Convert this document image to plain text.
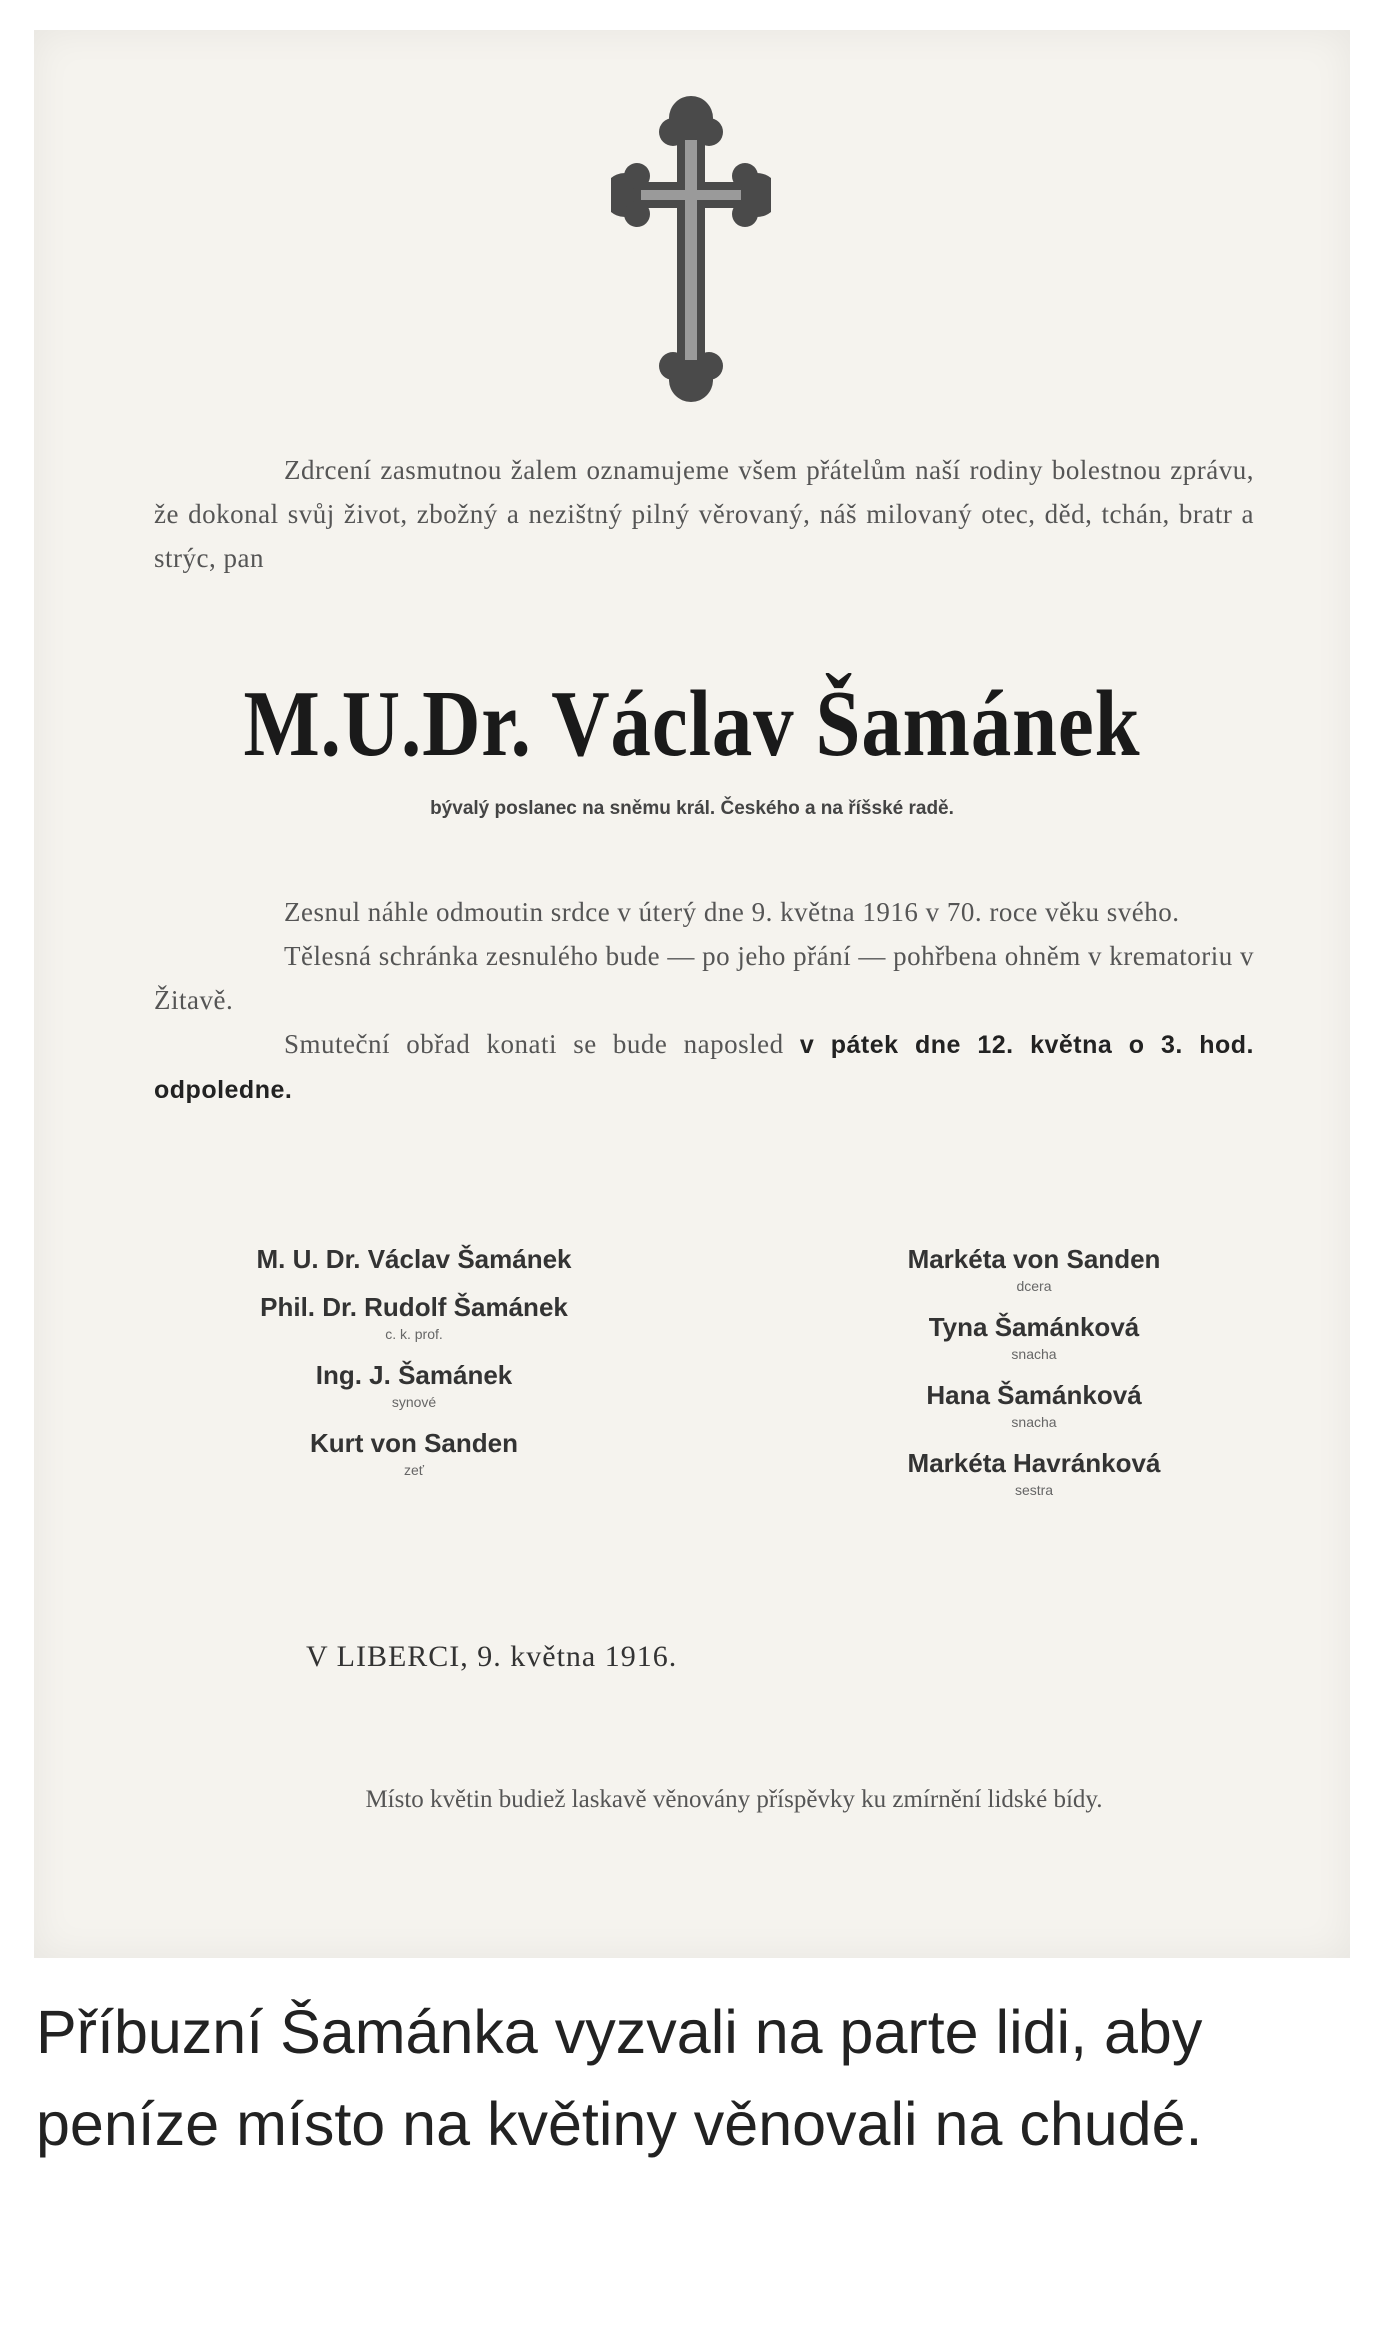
Zdrcení zasmutnou žalem oznamujeme všem přátelům naší rodiny bolestnou zprávu, že dokonal svůj život, zbožný a nezištný pilný věrovaný, náš milovaný otec, děd, tchán, bratr a strýc, pan
M.U.Dr. Václav Šamánek
bývalý poslanec na sněmu král. Českého a na říšské radě.

Zesnul náhle odmoutin srdce v úterý dne 9. května 1916 v 70. roce věku svého.

Tělesná schránka zesnulého bude — po jeho přání — pohřbena ohněm v krematoriu v Žitavě.

Smuteční obřad konati se bude naposled v pátek dne 12. května o 3. hod. odpoledne.

M. U. Dr. Václav Šamánek
Phil. Dr. Rudolf Šamánek
c. k. prof.
Ing. J. Šamánek
synové
Kurt von Sanden
zeť
Markéta von Sanden
dcera
Tyna Šamánková
snacha
Hana Šamánková
snacha
Markéta Havránková
sestra
V LIBERCI, 9. května 1916.
Místo květin budiež laskavě věnovány příspěvky ku zmírnění lidské bídy.
Příbuzní Šamánka vyzvali na parte lidi, aby peníze místo na květiny věnovali na chudé.
